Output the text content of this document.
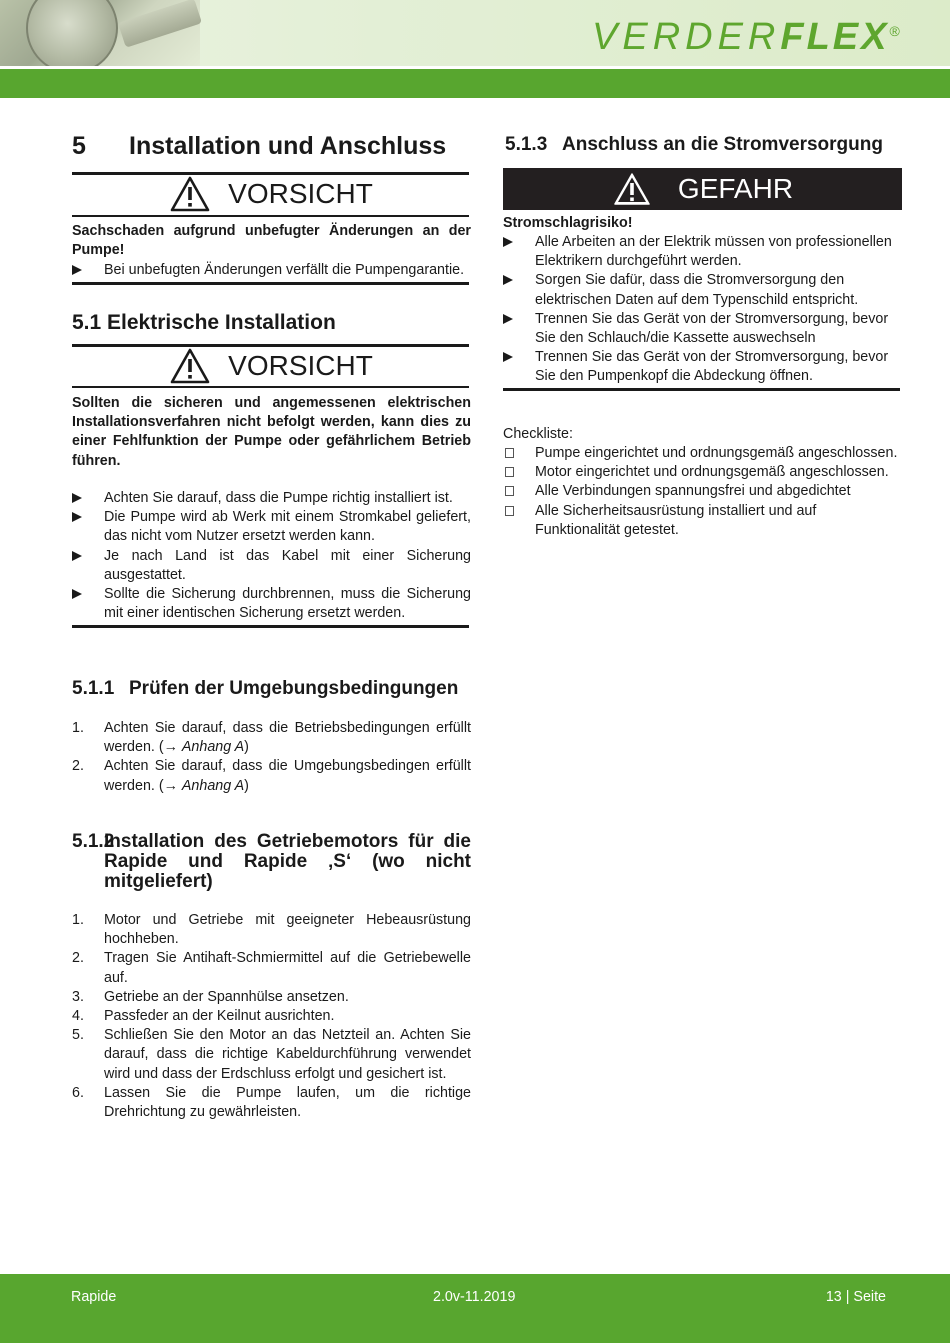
VERDERFLEX®
5 Installation und Anschluss
VORSICHT
Sachschaden aufgrund unbefugter Änderungen an der Pumpe!
Bei unbefugten Änderungen verfällt die Pumpengarantie.
5.1 Elektrische Installation
VORSICHT
Sollten die sicheren und angemessenen elektrischen Installationsverfahren nicht befolgt werden, kann dies zu einer Fehlfunktion der Pumpe oder gefährlichem Betrieb führen.
Achten Sie darauf, dass die Pumpe richtig installiert ist.
Die Pumpe wird ab Werk mit einem Stromkabel geliefert, das nicht vom Nutzer ersetzt werden kann.
Je nach Land ist das Kabel mit einer Sicherung ausgestattet.
Sollte die Sicherung durchbrennen, muss die Sicherung mit einer identischen Sicherung ersetzt werden.
5.1.1 Prüfen der Umgebungsbedingungen
1.	Achten Sie darauf, dass die Betriebsbedingungen erfüllt werden. (→ Anhang A)
2.	Achten Sie darauf, dass die Umgebungsbedingen erfüllt werden. (→ Anhang A)
5.1.2
Installation des Getriebemotors für die Rapide und Rapide ‚S‘ (wo nicht mitgeliefert)
1.	Motor und Getriebe mit geeigneter Hebeausrüstung hochheben.
2.	Tragen Sie Antihaft-Schmiermittel auf die Getriebewelle auf.
3.	Getriebe an der Spannhülse ansetzen.
4.	Passfeder an der Keilnut ausrichten.
5.	Schließen Sie den Motor an das Netzteil an. Achten Sie darauf, dass die richtige Kabeldurchführung verwendet wird und dass der Erdschluss erfolgt und gesichert ist.
6.	Lassen Sie die Pumpe laufen, um die richtige Drehrichtung zu gewährleisten.
5.1.3 Anschluss an die Stromversorgung
GEFAHR
Stromschlagrisiko!
Alle Arbeiten an der Elektrik müssen von professionellen Elektrikern durchgeführt werden.
Sorgen Sie dafür, dass die Stromversorgung den elektrischen Daten auf dem Typenschild entspricht.
Trennen Sie das Gerät von der Stromversorgung, bevor Sie den Schlauch/die Kassette auswechseln
Trennen Sie das Gerät von der Stromversorgung, bevor Sie den Pumpenkopf die Abdeckung öffnen.
Checkliste:
Pumpe eingerichtet und ordnungsgemäß angeschlossen.
Motor eingerichtet und ordnungsgemäß angeschlossen.
Alle Verbindungen spannungsfrei und abgedichtet
Alle Sicherheitsausrüstung installiert und auf Funktionalität getestet.
Rapide	2.0v-11.2019	13 | Seite
